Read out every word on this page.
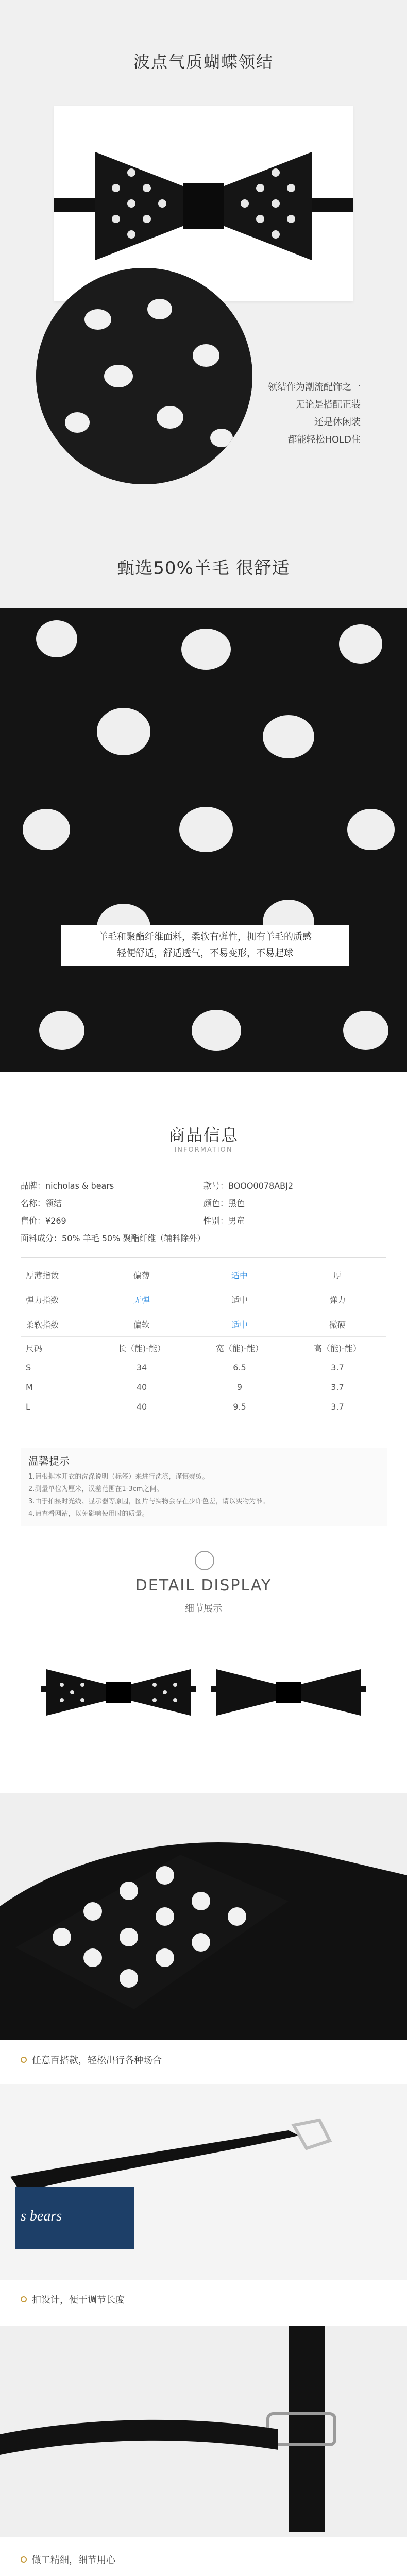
波点气质蝴蝶领结
领结作为潮流配饰之一
无论是搭配正装
还是休闲装
都能轻松HOLD住
甄选50%羊毛 很舒适
羊毛和聚酯纤维面料，柔软有弹性，拥有羊毛的质感
轻便舒适，舒适透气，不易变形，不易起球
商品信息
INFORMATION
品牌：nicholas & bears	款号：BOOO0078ABJ2
名称：领结	颜色：黑色
售价：¥269	性别：男童
面料成分：50% 羊毛 50% 聚酯纤维（辅料除外）
厚薄指数	偏薄	适中	厚
弹力指数	无弹	适中	弹力
柔软指数	偏软	适中	微硬
尺码	长（能)-能）	宽（能)-能）	高（能)-能）
S	34	6.5	3.7
M	40	9	3.7
L	40	9.5	3.7
温馨提示
1.请根据本开衣的洗涤说明（标签）来进行洗涤，谨慎熨烫。
2.测量单位为厘米，误差范围在1-3cm之间。
3.由于拍摄时光线、显示器等原因，图片与实物会存在少许色差，请以实物为准。
4.请查看网站，以免影响使用时的质量。
DETAIL DISPLAY
细节展示
任意百搭款，轻松出行各种场合
s bears
扣设计，便于调节长度
做工精细，细节用心
